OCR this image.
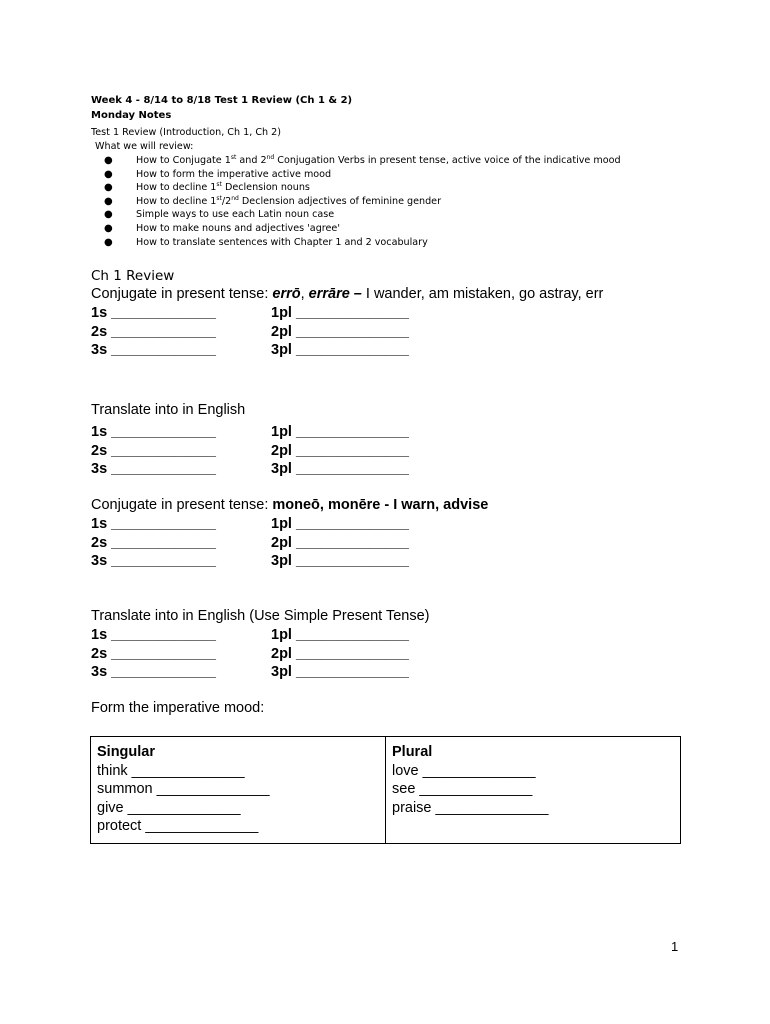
Week 4 - 8/14 to 8/18 Test 1 Review (Ch 1 & 2)
Monday Notes
Test 1 Review (Introduction, Ch 1, Ch 2)
What we will review:
● How to Conjugate 1st and 2nd Conjugation Verbs in present tense, active voice of the indicative mood
● How to form the imperative active mood
● How to decline 1st Declension nouns
● How to decline 1st/2nd Declension adjectives of feminine gender
● Simple ways to use each Latin noun case
● How to make nouns and adjectives 'agree'
● How to translate sentences with Chapter 1 and 2 vocabulary
Ch 1 Review
Conjugate in present tense: errō, errāre – I wander, am mistaken, go astray, err
1s _____________	1pl ______________
2s _____________	2pl ______________
3s _____________	3pl ______________
Translate into in English
1s _____________	1pl ______________
2s _____________	2pl ______________
3s _____________	3pl ______________
Conjugate in present tense: moneō, monēre - I warn, advise
1s _____________	1pl ______________
2s _____________	2pl ______________
3s _____________	3pl ______________
Translate into in English (Use Simple Present Tense)
1s _____________	1pl ______________
2s _____________	2pl ______________
3s _____________	3pl ______________
Form the imperative mood:
Singular
think ______________
summon ______________
give ______________
protect ______________

Plural
love ______________
see ______________
praise ______________
1
